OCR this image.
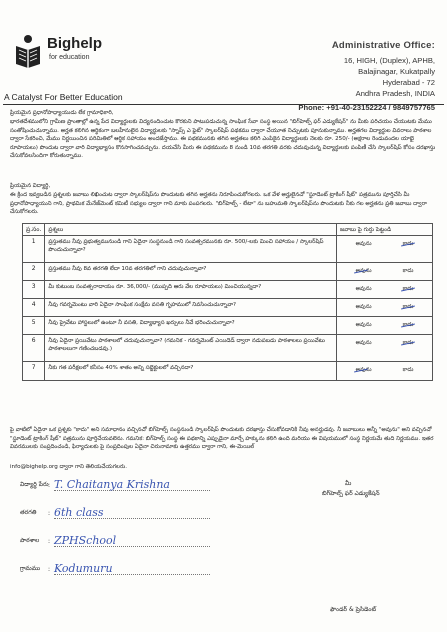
Bighelp
for education
A Catalyst For Better Education
Administrative Office:
16, HIGH, (Duplex), APHB,
Balajinagar, Kukatpally
Hyderabad - 72
Andhra Pradesh, INDIA
Phone: +91-40-23152224 / 9849757765
ప్రియమైన ప్రధానోపాధ్యాయుడు లేక గ్రామాధికారి,
భారతదేశములోని గ్రామీణ ప్రాంతాల్లో ఉన్న పేద విద్యార్థులకు విద్యనందించుట కొరకుని పాటుపడుచున్న సాంఘిక సేవా సంస్థ అయిన "బిగ్‌హెల్ప్ ఫర్ ఎడ్యుకేషన్" ను మీకు పరిచయం చేయుటకు మేము సంతోషించుచున్నాము. అర్హత కలిగిన ఆర్థికంగా బలహీనులైన విద్యార్థులకు "స్నాప్స్ ఎ ఫైట్" స్కాలర్‌షిప్ పథకము ద్వారా చేయూత నిచ్చుటకు పూనుకున్నాము. అర్హతగల విద్యార్థుల వివరాలు పాఠశాల ద్వారా సేకరించి, మేము నిర్ణయించిన పరిమితిలో ఆర్థిక సహాయం అందజేస్తాము. ఈ పథకమునకు తగిన అర్హతలు కలిగి ఎంపికైన విద్యార్థులకు నెలకు రూ. 250/- (అక్షరాల రెండువందల యాభై రూపాయలు) పొందుట ద్వారా వారి విద్యాభ్యాసం కొనసాగించవచ్చును. దయచేసి మీరు ఈ పథకమును 8 నుండి 10వ తరగతి వరకు చదువుచున్న విద్యార్థులకు పంపిణీ చేసి స్కాలర్‌షిప్ కోసం దరఖాస్తు చేసుకోవలసిందిగా కోరుతున్నాము.
ప్రియమైన విద్యార్థి,
ఈ క్రింద ఇవ్వబడిన ప్రశ్నలకు జవాబు లిఖించుట ద్వారా స్కాలర్‌షిప్‌ను పొందుటకు తగిన అర్హతను నిరూపించుకోగలరు. ఒక వేళ అర్హులైనచో "స్టూడెంట్ ట్రాకింగ్ షీట్" పత్రమును పూర్తిచేసి మీ ప్రధానోపాధ్యాయుని గాని, ప్రాథమిక మేనేజ్‌మెంట్ కమిటీ సభ్యుల ద్వారా గాని మాకు పంపగలరు. "బిగ్‌హెల్ప్ - లేటా" ను బహుమతి స్కాలర్‌షిప్‌ను పొందుటకు నీకు గల అర్హతను ప్రతి జవాబు ద్వారా చేసుకోగలరు.
ప్ర.సం.	ప్రశ్నలు	జవాబు పై గుర్తు పెట్టండి
1	ప్రస్తుతము నీవు ప్రభుత్వమునుండి గాని ఏదైనా సంస్థనుండి గాని సంవత్సరమునకు రూ. 500/-లకు మించి సహాయం / స్కాలర్‌షిప్ పొందుచున్నావా?	అవును కాదు

2	ప్రస్తుతము నీవు 8వ తరగతి లేదా 10వ తరగతిలో గాని చదువుచున్నావా?	అవును కాదు

3	మీ కుటుంబ సంవత్సరాదాయం రూ. 36,000/- (ముప్పది ఆరు వేల రూపాయలు) మించియున్నదా?	అవును కాదు

4	నీవు గవర్నమెంటు వారి ఏదైనా సాంఘిక సంక్షేమ వసతి గృహములో నివసించుచున్నావా?	అవును కాదు

5	నీవు ప్రైవేటు హాస్టలులో ఉంటూ నీ వసతి, విద్యాభ్యాస ఖర్చులు నీవే భరించుచున్నావా?	అవును కాదు

6	నీవు ఏదైనా ప్రయివేటు పాఠశాలలో చదువుచున్నావా? (గమనిక - గవర్నమెంట్ ఎయిడెడ్ ద్వారా నడుపబడు పాఠశాలలు ప్రయివేటు పాఠశాలలుగా గణించబడవు.)	అవును కాదు

7	నీకు గత పరీక్షలలో కనీసం 40% శాతం అన్ని సబ్జెక్టులలో వచ్చినదా?	అవును కాదు
పై వాటిలో ఏదైనా ఒక ప్రశ్నకు "కాదు" అని సమాధానం వచ్చినచో బిగ్‌హెల్ప్ సంస్థనుండి స్కాలర్‌షిప్ పొందుటకు దరఖాస్తు చేసుకోవడానికి నీవు అనర్హుడవు. నీ జవాబులు అన్నీ "అవును" అని వచ్చినచో "స్టూడెంట్ ట్రాకింగ్ షీట్" పత్రమును పూర్తిచేయవలెను. గమనిక: బిగ్‌హెల్ప్ సంస్థ ఈ పథకాన్ని ఎప్పుడైనా మార్చే హక్కును కలిగి ఉంది మరియు ఈ విషయములో సంస్థ నిర్ణయమే తుది నిర్ణయము. ఇతర వివరములకు సంప్రదించండి, ఫిర్యాదులకు పై సంప్రదింపుల ఏదైనా చిరునామాకు ఉత్తరము ద్వారా గాని, ఈ-మెయిల్
info@bighelp.org ద్వారా గాని తెలియచేయగలరు.
విద్యార్థి పేరు : T. Chaitanya Krishna
తరగతి : 6th class
పాఠశాల : ZPHSchool
గ్రామము : Kodumuru
మీ
బిగ్‌హెల్ప్ ఫర్ ఎడ్యుకేషన్
ఫౌండర్ & ప్రెసిడెంట్
